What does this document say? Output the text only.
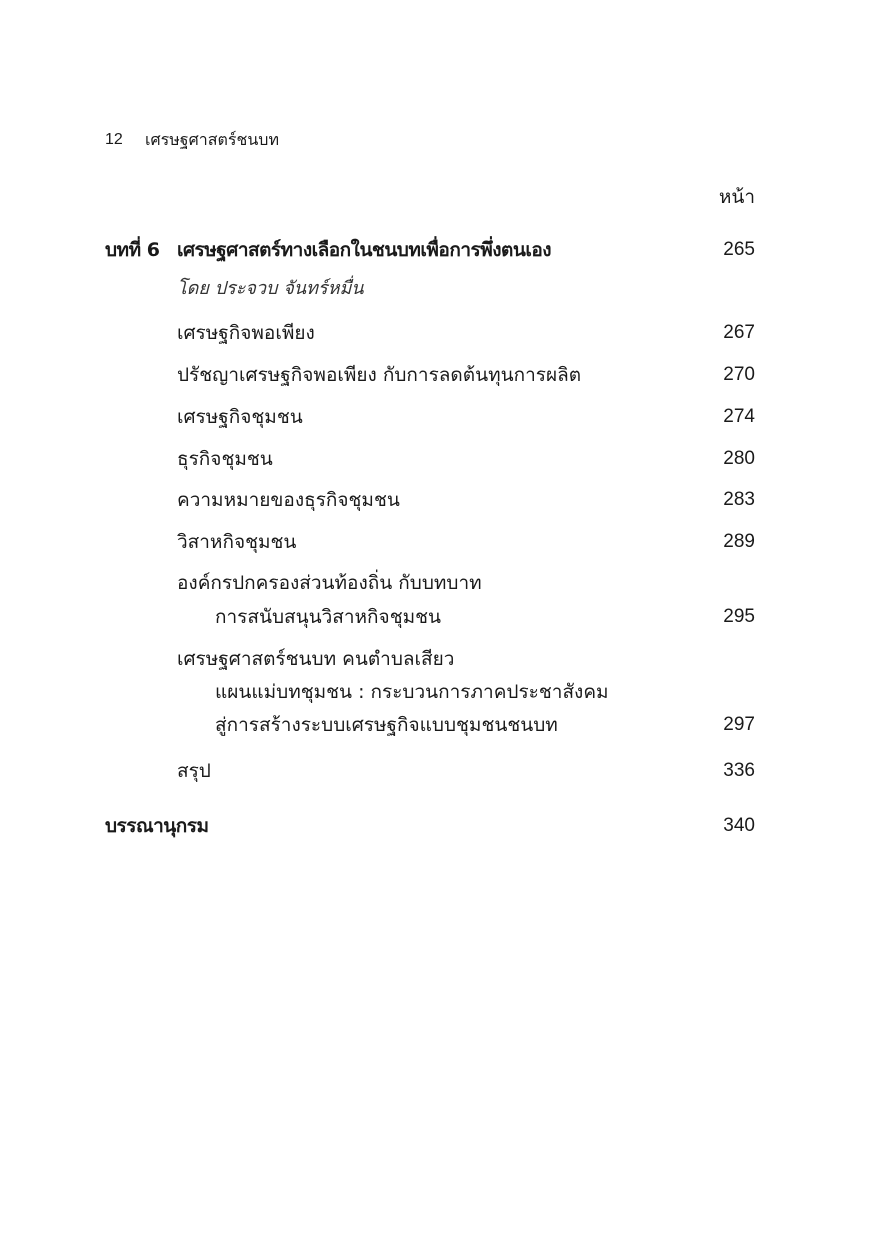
12 เศรษฐศาสตร์ชนบท
หน้า
บทที่ 6 เศรษฐศาสตร์ทางเลือกในชนบทเพื่อการพึ่งตนเอง	265
โดย ประจวบ จันทร์หมื่น
เศรษฐกิจพอเพียง	267
ปรัชญาเศรษฐกิจพอเพียง กับการลดต้นทุนการผลิต	270
เศรษฐกิจชุมชน	274
ธุรกิจชุมชน	280
ความหมายของธุรกิจชุมชน	283
วิสาหกิจชุมชน	289
องค์กรปกครองส่วนท้องถิ่น กับบทบาท
การสนับสนุนวิสาหกิจชุมชน	295
เศรษฐศาสตร์ชนบท คนตำบลเสียว
แผนแม่บทชุมชน : กระบวนการภาคประชาสังคม
สู่การสร้างระบบเศรษฐกิจแบบชุมชนชนบท	297
สรุป	336
บรรณานุกรม	340
